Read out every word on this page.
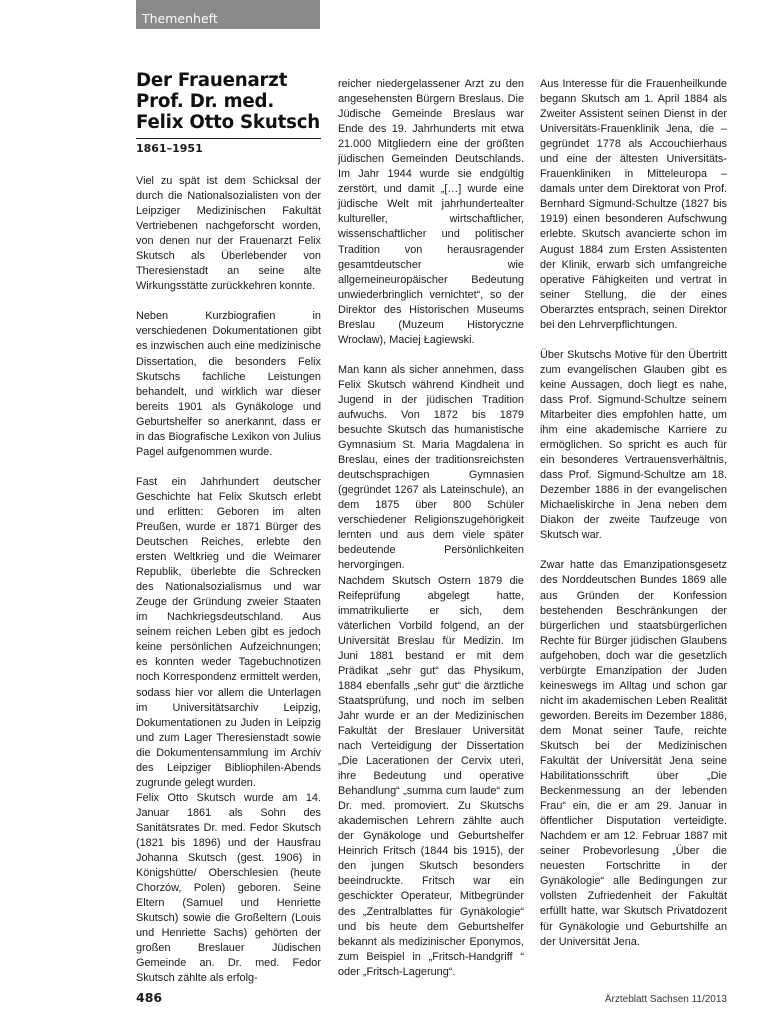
Themenheft
Der Frauenarzt
Prof. Dr. med.
Felix Otto Skutsch
1861–1951

Viel zu spät ist dem Schicksal der durch die Nationalsozialisten von der Leipziger Medizinischen Fakultät Vertriebenen nachgeforscht worden, von denen nur der Frauenarzt Felix Skutsch als Überlebender von Theresienstadt an seine alte Wirkungsstätte zurückkehren konnte.

Neben Kurzbiografien in verschiedenen Dokumentationen gibt es inzwischen auch eine medizinische Dissertation, die besonders Felix Skutschs fachliche Leistungen behandelt, und wirklich war dieser bereits 1901 als Gynäkologe und Geburtshelfer so anerkannt, dass er in das Biografische Lexikon von Julius Pagel aufgenommen wurde.

Fast ein Jahrhundert deutscher Geschichte hat Felix Skutsch erlebt und erlitten: Geboren im alten Preußen, wurde er 1871 Bürger des Deutschen Reiches, erlebte den ersten Weltkrieg und die Weimarer Republik, überlebte die Schrecken des Nationalsozialismus und war Zeuge der Gründung zweier Staaten im Nachkriegsdeutschland. Aus seinem reichen Leben gibt es jedoch keine persönlichen Aufzeichnungen; es konnten weder Tagebuchnotizen noch Korrespondenz ermittelt werden, sodass hier vor allem die Unterlagen im Universitätsarchiv Leipzig, Dokumentationen zu Juden in Leipzig und zum Lager Theresienstadt sowie die Dokumentensammlung im Archiv des Leipziger Bibliophilen-Abends zugrunde gelegt wurden.

Felix Otto Skutsch wurde am 14. Januar 1861 als Sohn des Sanitätsrates Dr. med. Fedor Skutsch (1821 bis 1896) und der Hausfrau Johanna Skutsch (gest. 1906) in Königshütte/ Oberschlesien (heute Chorzów, Polen) geboren. Seine Eltern (Samuel und Henriette Skutsch) sowie die Großeltern (Louis und Henriette Sachs) gehörten der großen Breslauer Jüdischen Gemeinde an. Dr. med. Fedor Skutsch zählte als erfolg-

reicher niedergelassener Arzt zu den angesehensten Bürgern Breslaus. Die Jüdische Gemeinde Breslaus war Ende des 19. Jahrhunderts mit etwa 21.000 Mitgliedern eine der größten jüdischen Gemeinden Deutschlands. Im Jahr 1944 wurde sie endgültig zerstört, und damit „[…] wurde eine jüdische Welt mit jahrhundertealter kultureller, wirtschaftlicher, wissenschaftlicher und politischer Tradition von herausragender gesamtdeutscher wie allgemeineuropäischer Bedeutung unwiederbringlich vernichtet“, so der Direktor des Historischen Museums Breslau (Muzeum Historyczne Wrocław), Maciej Łagiewski.

Man kann als sicher annehmen, dass Felix Skutsch während Kindheit und Jugend in der jüdischen Tradition aufwuchs. Von 1872 bis 1879 besuchte Skutsch das humanistische Gymnasium St. Maria Magdalena in Breslau, eines der traditionsreichsten deutschsprachigen Gymnasien (gegründet 1267 als Lateinschule), an dem 1875 über 800 Schüler verschiedener Religionszugehörigkeit lernten und aus dem viele später bedeutende Persönlichkeiten hervorgingen.

Nachdem Skutsch Ostern 1879 die Reifeprüfung abgelegt hatte, immatrikulierte er sich, dem väterlichen Vorbild folgend, an der Universität Breslau für Medizin. Im Juni 1881 bestand er mit dem Prädikat „sehr gut“ das Physikum, 1884 ebenfalls „sehr gut“ die ärztliche Staatsprüfung, und noch im selben Jahr wurde er an der Medizinischen Fakultät der Breslauer Universität nach Verteidigung der Dissertation „Die Lacerationen der Cervix uteri, ihre Bedeutung und operative Behandlung“ „summa cum laude“ zum Dr. med. promoviert. Zu Skutschs akademischen Lehrern zählte auch der Gynäkologe und Geburtshelfer Heinrich Fritsch (1844 bis 1915), der den jungen Skutsch besonders beeindruckte. Fritsch war ein geschickter Operateur, Mitbegründer des „Zentralblattes für Gynäkologie“ und bis heute dem Geburtshelfer bekannt als medizinischer Eponymos, zum Beispiel in „Fritsch-Handgriff “ oder „Fritsch-Lagerung“.

Aus Interesse für die Frauenheilkunde begann Skutsch am 1. April 1884 als Zweiter Assistent seinen Dienst in der Universitäts-Frauenklinik Jena, die – gegründet 1778 als Accouchierhaus und eine der ältesten Universitäts-Frauenkliniken in Mitteleuropa – damals unter dem Direktorat von Prof. Bernhard Sigmund-Schultze (1827 bis 1919) einen besonderen Aufschwung erlebte. Skutsch avancierte schon im August 1884 zum Ersten Assistenten der Klinik, erwarb sich umfangreiche operative Fähigkeiten und vertrat in seiner Stellung, die der eines Oberarztes entsprach, seinen Direktor bei den Lehrverpflichtungen.

Über Skutschs Motive für den Übertritt zum evangelischen Glauben gibt es keine Aussagen, doch liegt es nahe, dass Prof. Sigmund-Schultze seinem Mitarbeiter dies empfohlen hatte, um ihm eine akademische Karriere zu ermöglichen. So spricht es auch für ein besonderes Vertrauensverhältnis, dass Prof. Sigmund-Schultze am 18. Dezember 1886 in der evangelischen Michaeliskirche in Jena neben dem Diakon der zweite Taufzeuge von Skutsch war.

Zwar hatte das Emanzipationsgesetz des Norddeutschen Bundes 1869 alle aus Gründen der Konfession bestehenden Beschränkungen der bürgerlichen und staatsbürgerlichen Rechte für Bürger jüdischen Glaubens aufgehoben, doch war die gesetzlich verbürgte Emanzipation der Juden keineswegs im Alltag und schon gar nicht im akademischen Leben Realität geworden. Bereits im Dezember 1886, dem Monat seiner Taufe, reichte Skutsch bei der Medizinischen Fakultät der Universität Jena seine Habilitationsschrift über „Die Beckenmessung an der lebenden Frau“ ein, die er am 29. Januar in öffentlicher Disputation verteidigte. Nachdem er am 12. Februar 1887 mit seiner Probevorlesung „Über die neuesten Fortschritte in der Gynäkologie“ alle Bedingungen zur vollsten Zufriedenheit der Fakultät erfüllt hatte, war Skutsch Privatdozent für Gynäkologie und Geburtshilfe an der Universität Jena.

486	Ärzteblatt Sachsen 11/2013
